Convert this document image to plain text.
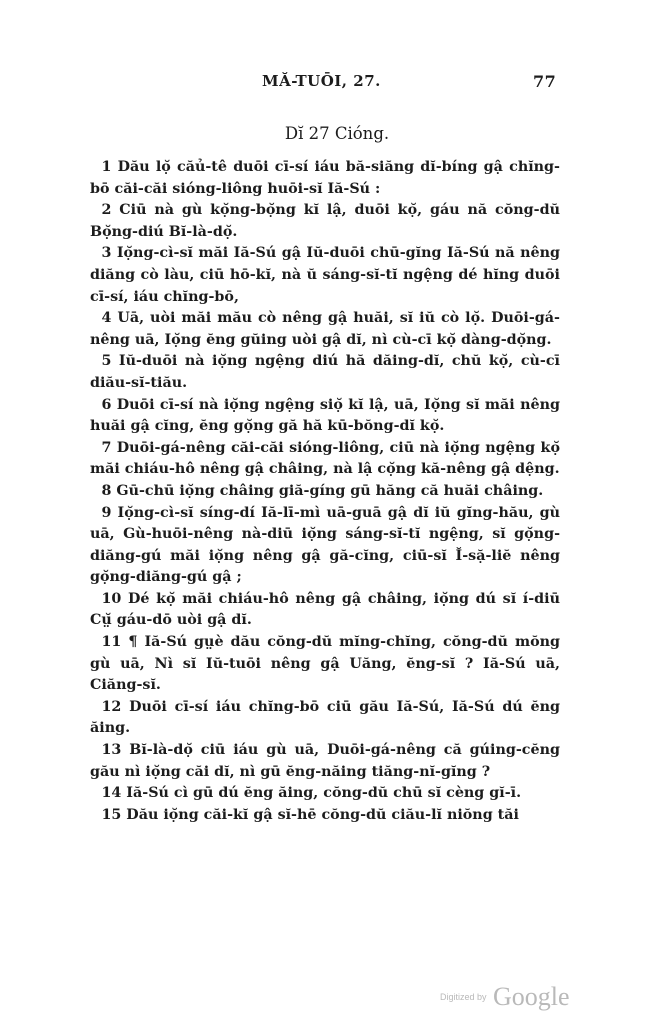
MĂ-TUŌI, 27.	77
Dĭ 27 Cióng.

1 Dău lọ̆ căủ-tê duōi cī-sí iáu bă-siăng dĭ-bíng gậ chĭng-bō căi-căi sióng-liông huōi-sĭ Iă-Sú :

2 Ciū nà gù kọ̆ng-bọ̆ng kĭ lậ, duōi kọ̆, gáu nă cŏng-dŭ Bọ̆ng-diú Bĭ-là-dọ̆.

3 Iọ̆ng-cì-sĭ măi Iă-Sú gậ Iŭ-duōi chū-gĭng Iă-Sú nă nêng diăng cò làu, ciū hō-kĭ, nà ŭ sáng-sĭ-tĭ ngệng dé hĭng duōi cī-sí, iáu chĭng-bō,

4 Uā, uòi măi mău cò nêng gậ huăi, sĭ iŭ cò lọ̆. Duōi-gá-nêng uā, Iọ̆ng ĕng gŭing uòi gậ dĭ, nì cù-cī kọ̆ dàng-dọ̆ng.

5 Iŭ-duōi nà iọ̆ng ngệng diú hă dăing-dĭ, chŭ kọ̆, cù-cī diău-sĭ-tiău.

6 Duōi cī-sí nà iọ̆ng ngệng siọ̆ kĭ lậ, uā, Iọ̆ng sĭ măi nêng huăi gậ cĭng, ĕng gọ̆ng gă hă kū-bŏng-dĭ kọ̆.

7 Duōi-gá-nêng căi-căi sióng-liông, ciū nà iọ̆ng ngệng kọ̆ măi chiáu-hô nêng gậ châing, nà lậ cọ̆ng kă-nêng gậ dệng.

8 Gū-chū iọ̆ng châing giă-gíng gū hăng că huăi châing.

9 Iọ̆ng-cì-sĭ síng-dí Iă-lī-mì uā-guā gậ dĭ iŭ gĭng-hău, gù uā, Gù-huōi-nêng nà-diū iọ̆ng sáng-sĭ-tĭ ngệng, sĭ gọ̆ng-diăng-gú măi iọ̆ng nêng gậ gă-cĭng, ciū-sĭ Ĭ-sặ-liĕ nêng gọ̆ng-diăng-gú gậ ;

10 Dé kọ̆ măi chiáu-hô nêng gậ châing, iọ̆ng dú sĭ í-diū Cṳ̆ gáu-dō uòi gậ dĭ.

11 ¶ Iă-Sú gṳè dău cŏng-dŭ mĭng-chĭng, cŏng-dŭ mŏng gù uā, Nì sĭ Iŭ-tuōi nêng gậ Uăng, ĕng-sĭ ? Iă-Sú uā, Ciăng-sĭ.

12 Duōi cī-sí iáu chĭng-bō ciū gău Iă-Sú, Iă-Sú dú ĕng ăing.

13 Bĭ-là-dọ̆ ciū iáu gù uā, Duōi-gá-nêng că gúing-cĕng gău nì iọ̆ng căi dĭ, nì gū ĕng-năing tiăng-nĭ-gĭng ?

14 Iă-Sú cì gū dú ĕng ăing, cŏng-dŭ chū sĭ cèng gĭ-ī.

15 Dău iọ̆ng căi-kĭ gậ sĭ-hē cŏng-dŭ ciău-lĭ niŏng tăi

Digitized by Google
